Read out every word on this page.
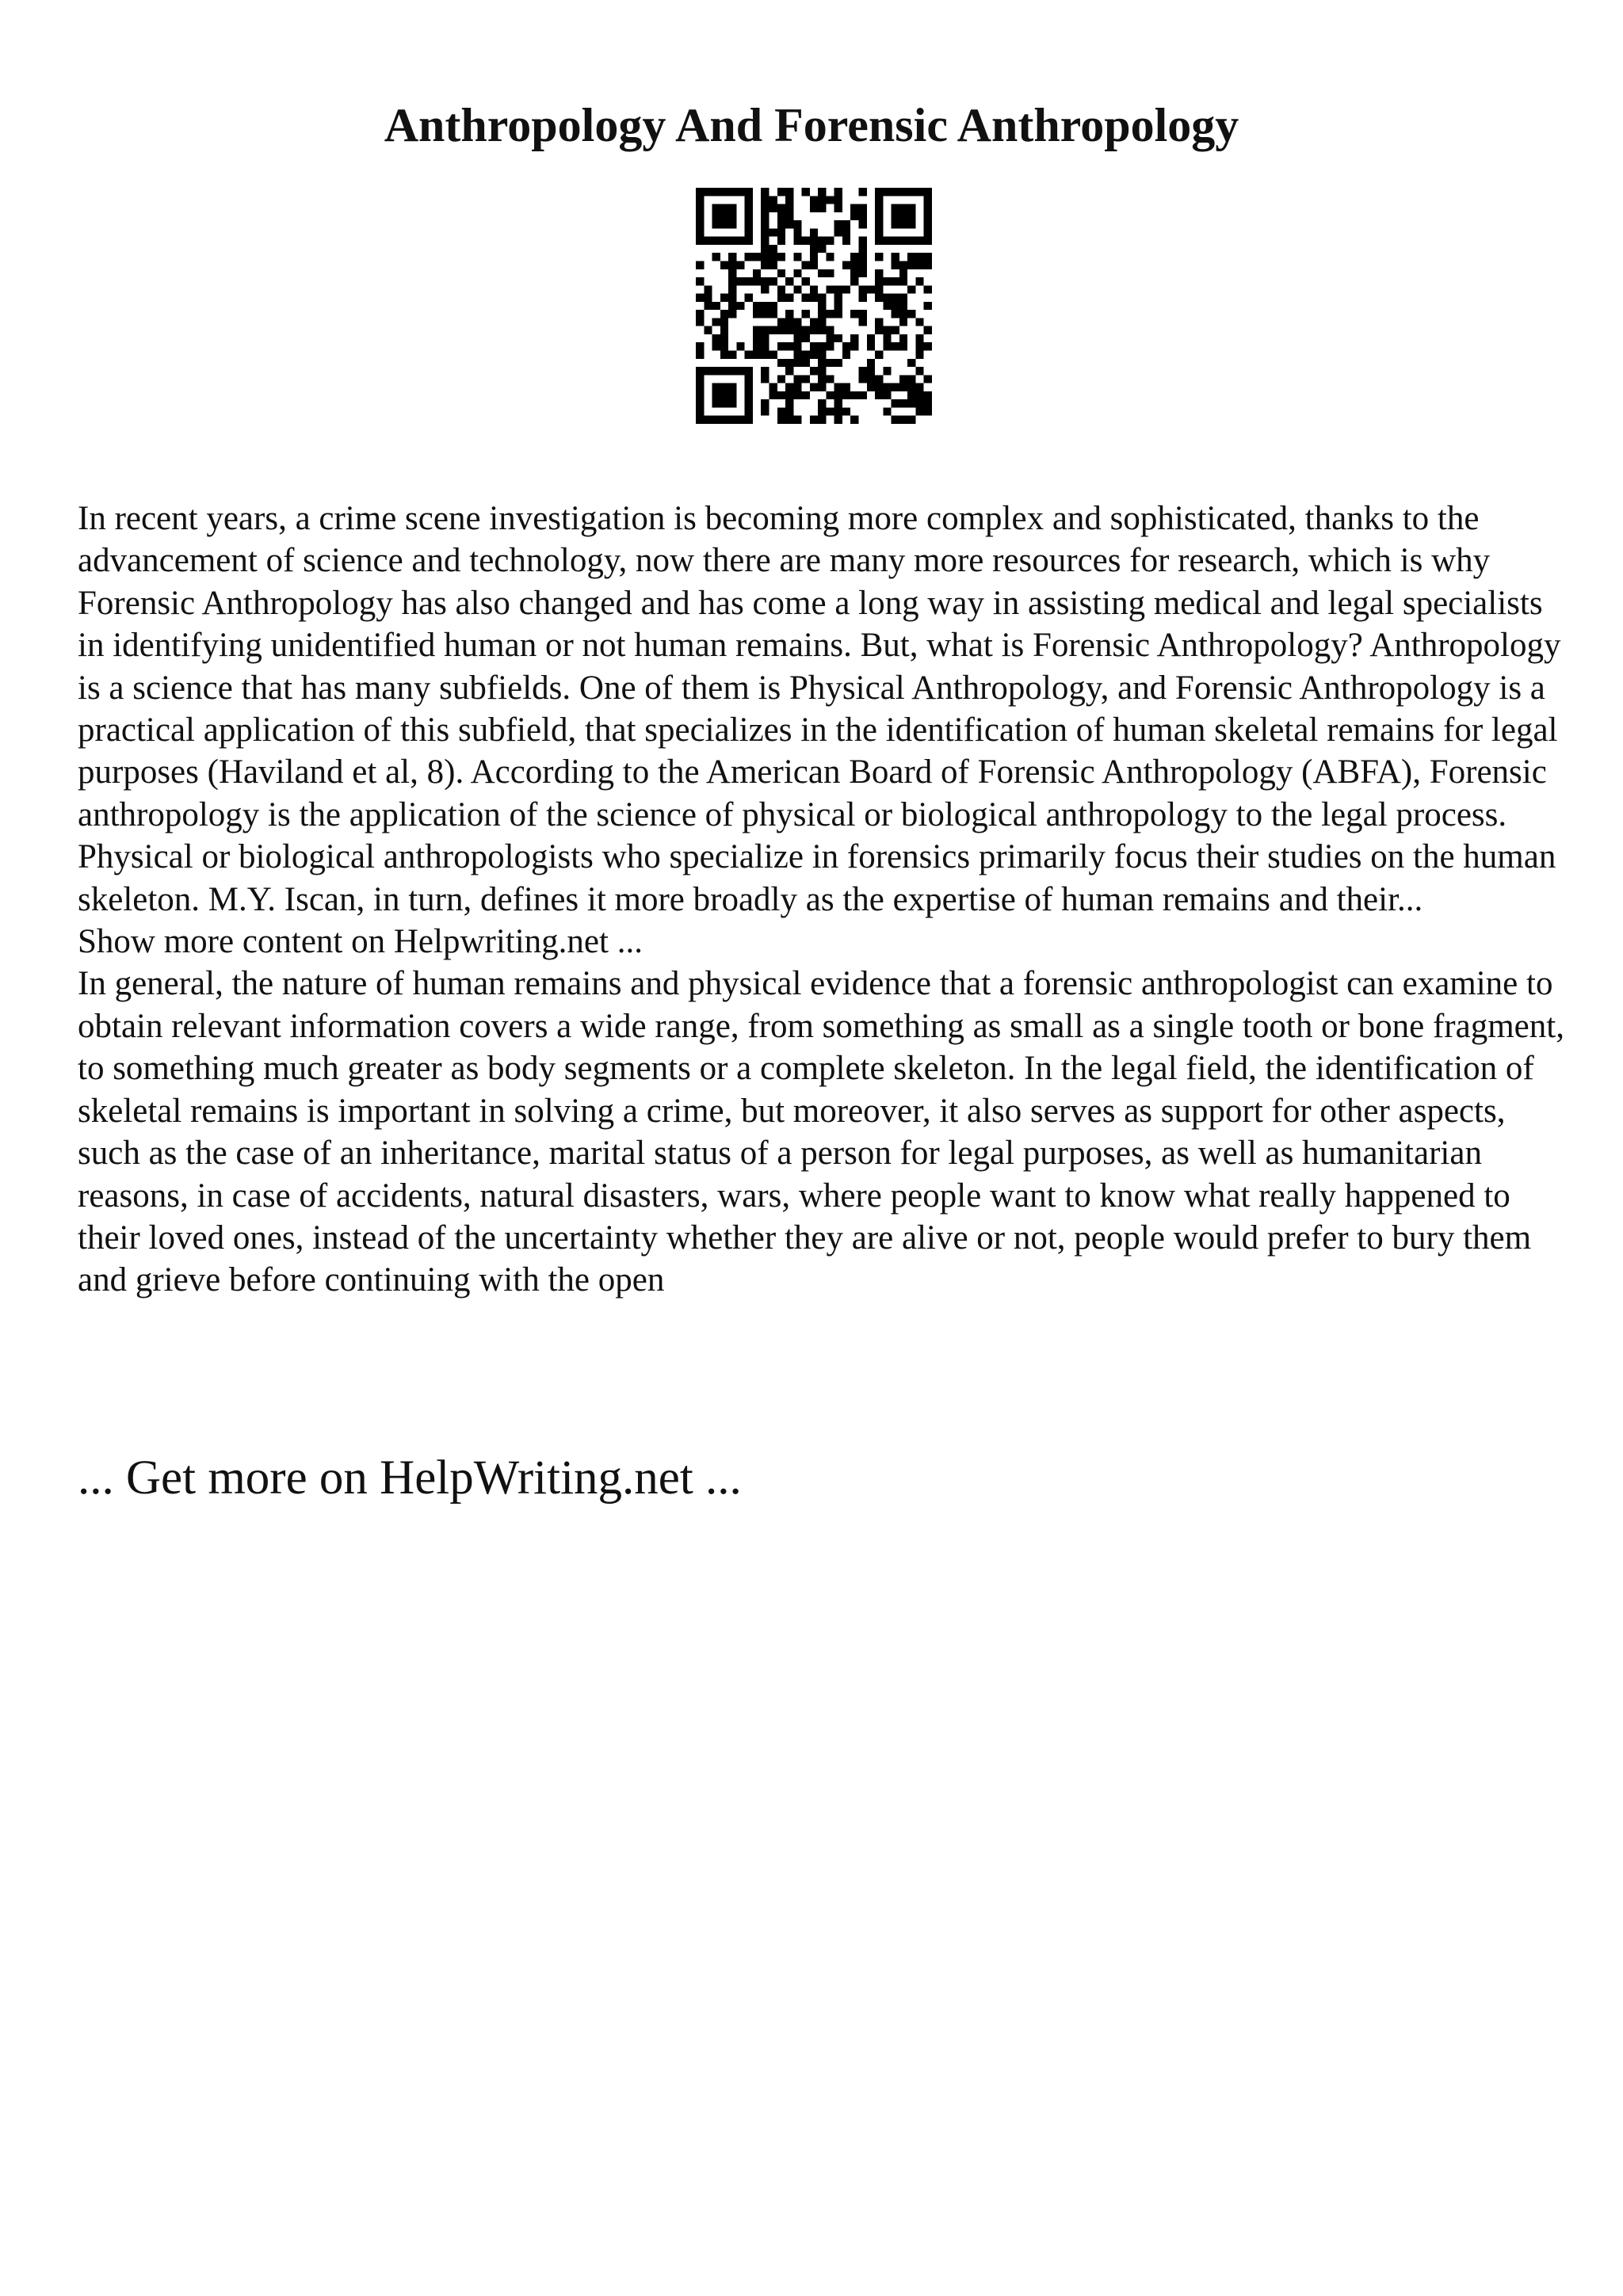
Anthropology And Forensic Anthropology

In recent years, a crime scene investigation is becoming more complex and sophisticated, thanks to the advancement of science and technology, now there are many more resources for research, which is why Forensic Anthropology has also changed and has come a long way in assisting medical and legal specialists in identifying unidentified human or not human remains. But, what is Forensic Anthropology? Anthropology is a science that has many subfields. One of them is Physical Anthropology, and Forensic Anthropology is a practical application of this subfield, that specializes in the identification of human skeletal remains for legal purposes (Haviland et al, 8). According to the American Board of Forensic Anthropology (ABFA), Forensic anthropology is the application of the science of physical or biological anthropology to the legal process. Physical or biological anthropologists who specialize in forensics primarily focus their studies on the human skeleton. M.Y. Iscan, in turn, defines it more broadly as the expertise of human remains and their...

Show more content on Helpwriting.net ...

In general, the nature of human remains and physical evidence that a forensic anthropologist can examine to obtain relevant information covers a wide range, from something as small as a single tooth or bone fragment, to something much greater as body segments or a complete skeleton. In the legal field, the identification of skeletal remains is important in solving a crime, but moreover, it also serves as support for other aspects, such as the case of an inheritance, marital status of a person for legal purposes, as well as humanitarian reasons, in case of accidents, natural disasters, wars, where people want to know what really happened to their loved ones, instead of the uncertainty whether they are alive or not, people would prefer to bury them and grieve before continuing with the open

... Get more on HelpWriting.net ...
